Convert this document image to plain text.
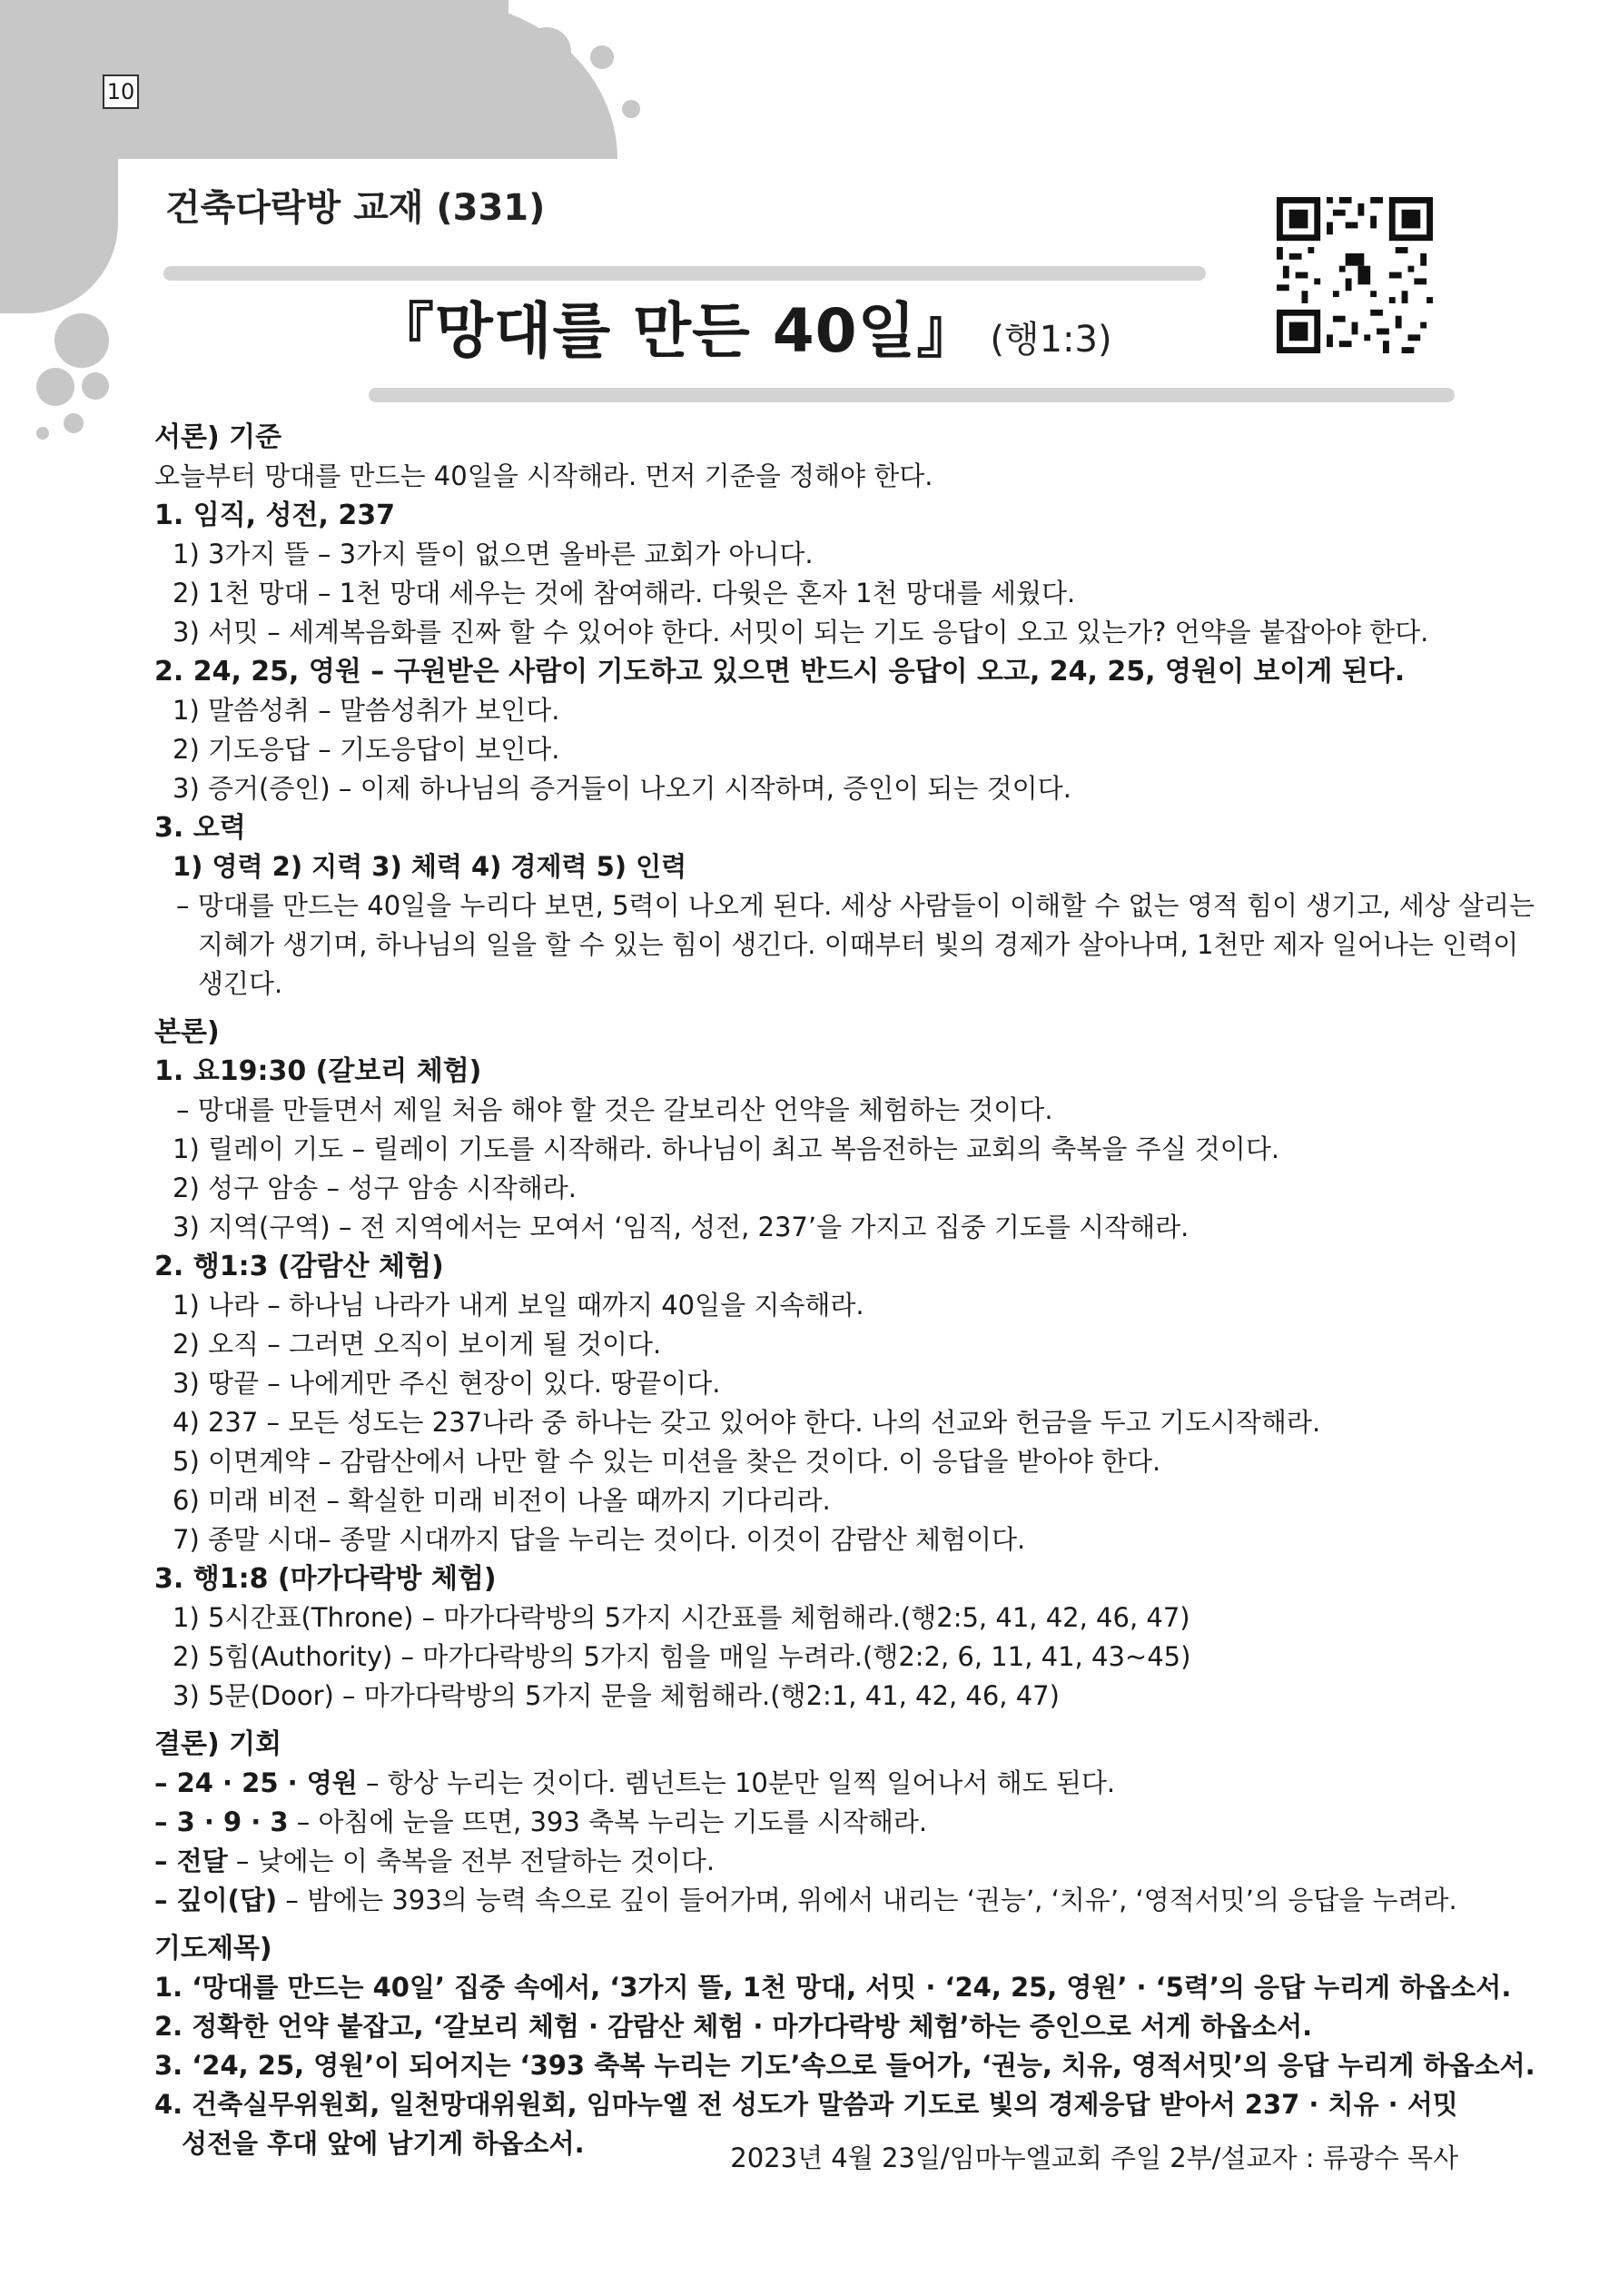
10
건축다락방 교재 (331)
『망대를 만든 40일』 (행1:3)
서론) 기준
오늘부터 망대를 만드는 40일을 시작해라. 먼저 기준을 정해야 한다.
1. 임직, 성전, 237
1) 3가지 뜰 – 3가지 뜰이 없으면 올바른 교회가 아니다.
2) 1천 망대 – 1천 망대 세우는 것에 참여해라. 다윗은 혼자 1천 망대를 세웠다.
3) 서밋 – 세계복음화를 진짜 할 수 있어야 한다. 서밋이 되는 기도 응답이 오고 있는가? 언약을 붙잡아야 한다.
2. 24, 25, 영원 – 구원받은 사람이 기도하고 있으면 반드시 응답이 오고, 24, 25, 영원이 보이게 된다.
1) 말씀성취 – 말씀성취가 보인다.
2) 기도응답 – 기도응답이 보인다.
3) 증거(증인) – 이제 하나님의 증거들이 나오기 시작하며, 증인이 되는 것이다.
3. 오력
1) 영력 2) 지력 3) 체력 4) 경제력 5) 인력
– 망대를 만드는 40일을 누리다 보면, 5력이 나오게 된다. 세상 사람들이 이해할 수 없는 영적 힘이 생기고, 세상 살리는
지혜가 생기며, 하나님의 일을 할 수 있는 힘이 생긴다. 이때부터 빛의 경제가 살아나며, 1천만 제자 일어나는 인력이
생긴다.
본론)
1. 요19:30 (갈보리 체험)
– 망대를 만들면서 제일 처음 해야 할 것은 갈보리산 언약을 체험하는 것이다.
1) 릴레이 기도 – 릴레이 기도를 시작해라. 하나님이 최고 복음전하는 교회의 축복을 주실 것이다.
2) 성구 암송 – 성구 암송 시작해라.
3) 지역(구역) – 전 지역에서는 모여서 ‘임직, 성전, 237’을 가지고 집중 기도를 시작해라.
2. 행1:3 (감람산 체험)
1) 나라 – 하나님 나라가 내게 보일 때까지 40일을 지속해라.
2) 오직 – 그러면 오직이 보이게 될 것이다.
3) 땅끝 – 나에게만 주신 현장이 있다. 땅끝이다.
4) 237 – 모든 성도는 237나라 중 하나는 갖고 있어야 한다. 나의 선교와 헌금을 두고 기도시작해라.
5) 이면계약 – 감람산에서 나만 할 수 있는 미션을 찾은 것이다. 이 응답을 받아야 한다.
6) 미래 비전 – 확실한 미래 비전이 나올 때까지 기다리라.
7) 종말 시대– 종말 시대까지 답을 누리는 것이다. 이것이 감람산 체험이다.
3. 행1:8 (마가다락방 체험)
1) 5시간표(Throne) – 마가다락방의 5가지 시간표를 체험해라.(행2:5, 41, 42, 46, 47)
2) 5힘(Authority) – 마가다락방의 5가지 힘을 매일 누려라.(행2:2, 6, 11, 41, 43~45)
3) 5문(Door) – 마가다락방의 5가지 문을 체험해라.(행2:1, 41, 42, 46, 47)
결론) 기회
– 24 · 25 · 영원 – 항상 누리는 것이다. 렘넌트는 10분만 일찍 일어나서 해도 된다.
– 3 · 9 · 3 – 아침에 눈을 뜨면, 393 축복 누리는 기도를 시작해라.
– 전달 – 낮에는 이 축복을 전부 전달하는 것이다.
– 깊이(답) – 밤에는 393의 능력 속으로 깊이 들어가며, 위에서 내리는 ‘권능’, ‘치유’, ‘영적서밋’의 응답을 누려라.
기도제목)
1. ‘망대를 만드는 40일’ 집중 속에서, ‘3가지 뜰, 1천 망대, 서밋 · ‘24, 25, 영원’ · ‘5력’의 응답 누리게 하옵소서.
2. 정확한 언약 붙잡고, ‘갈보리 체험 · 감람산 체험 · 마가다락방 체험’하는 증인으로 서게 하옵소서.
3. ‘24, 25, 영원’이 되어지는 ‘393 축복 누리는 기도’속으로 들어가, ‘권능, 치유, 영적서밋’의 응답 누리게 하옵소서.
4. 건축실무위원회, 일천망대위원회, 임마누엘 전 성도가 말씀과 기도로 빛의 경제응답 받아서 237 · 치유 · 서밋 성전을 후대 앞에 남기게 하옵소서.	2023년 4월 23일/임마누엘교회 주일 2부/설교자 : 류광수 목사
